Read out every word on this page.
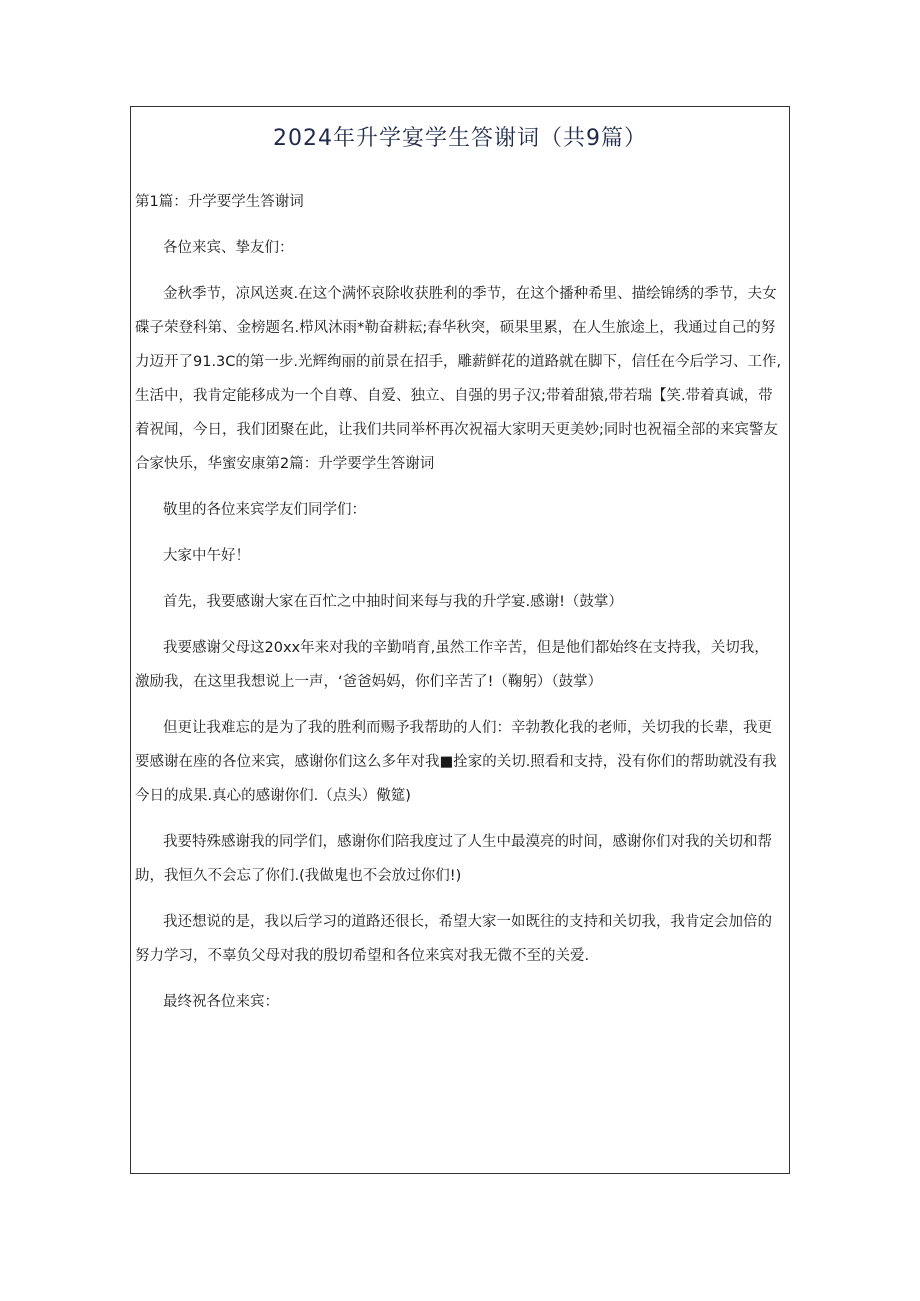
2024年升学宴学生答谢词（共9篇）
第1篇：升学要学生答谢词
各位来宾、挚友们：
金秋季节，凉风送爽.在这个满怀哀除收获胜利的季节，在这个播种希里、描绘锦绣的季节，夫女
碟子荣登科第、金榜题名.栉风沐雨*勒奋耕耘;春华秋突，硕果里累，在人生旅途上，我通过自己的努
力迈开了91.3C的第一步.光辉绚丽的前景在招手，雕薪鲜花的道路就在脚下，信任在今后学习、工作,
生活中，我肯定能移成为一个自尊、自爱、独立、自强的男子汉;带着甜猿,带若瑞【笑.带着真诚，带
着祝闻，今日，我们团聚在此，让我们共同举杯再次祝福大家明天更美妙;同时也祝福全部的来宾警友
合家快乐，华蜜安康第2篇：升学要学生答谢词
敬里的各位来宾学友们同学们：
大家中午好！
首先，我要感谢大家在百忙之中抽时间来每与我的升学宴.感谢!（鼓掌）
我要感谢父母这20xx年来对我的辛勤哨育,虽然工作辛苦，但是他们都始终在支持我，关切我，
激励我，在这里我想说上一声，‘爸爸妈妈，你们辛苦了!（鞠躬）（鼓掌）
但更让我难忘的是为了我的胜利而赐予我帮助的人们：辛勃教化我的老师，关切我的长辈，我更
要感谢在座的各位来宾，感谢你们这么多年对我■拴家的关切.照看和支持，没有你们的帮助就没有我
今日的成果.真心的感谢你们.（点头）儆筵)
我要特殊感谢我的同学们，感谢你们陪我度过了人生中最漠亮的时间，感谢你们对我的关切和帮
助，我恒久不会忘了你们.(我做鬼也不会放过你们!)
我还想说的是，我以后学习的道路还很长，希望大家一如既往的支持和关切我，我肯定会加倍的
努力学习，不辜负父母对我的殷切希望和各位来宾对我无微不至的关爱.
最终祝各位来宾：
